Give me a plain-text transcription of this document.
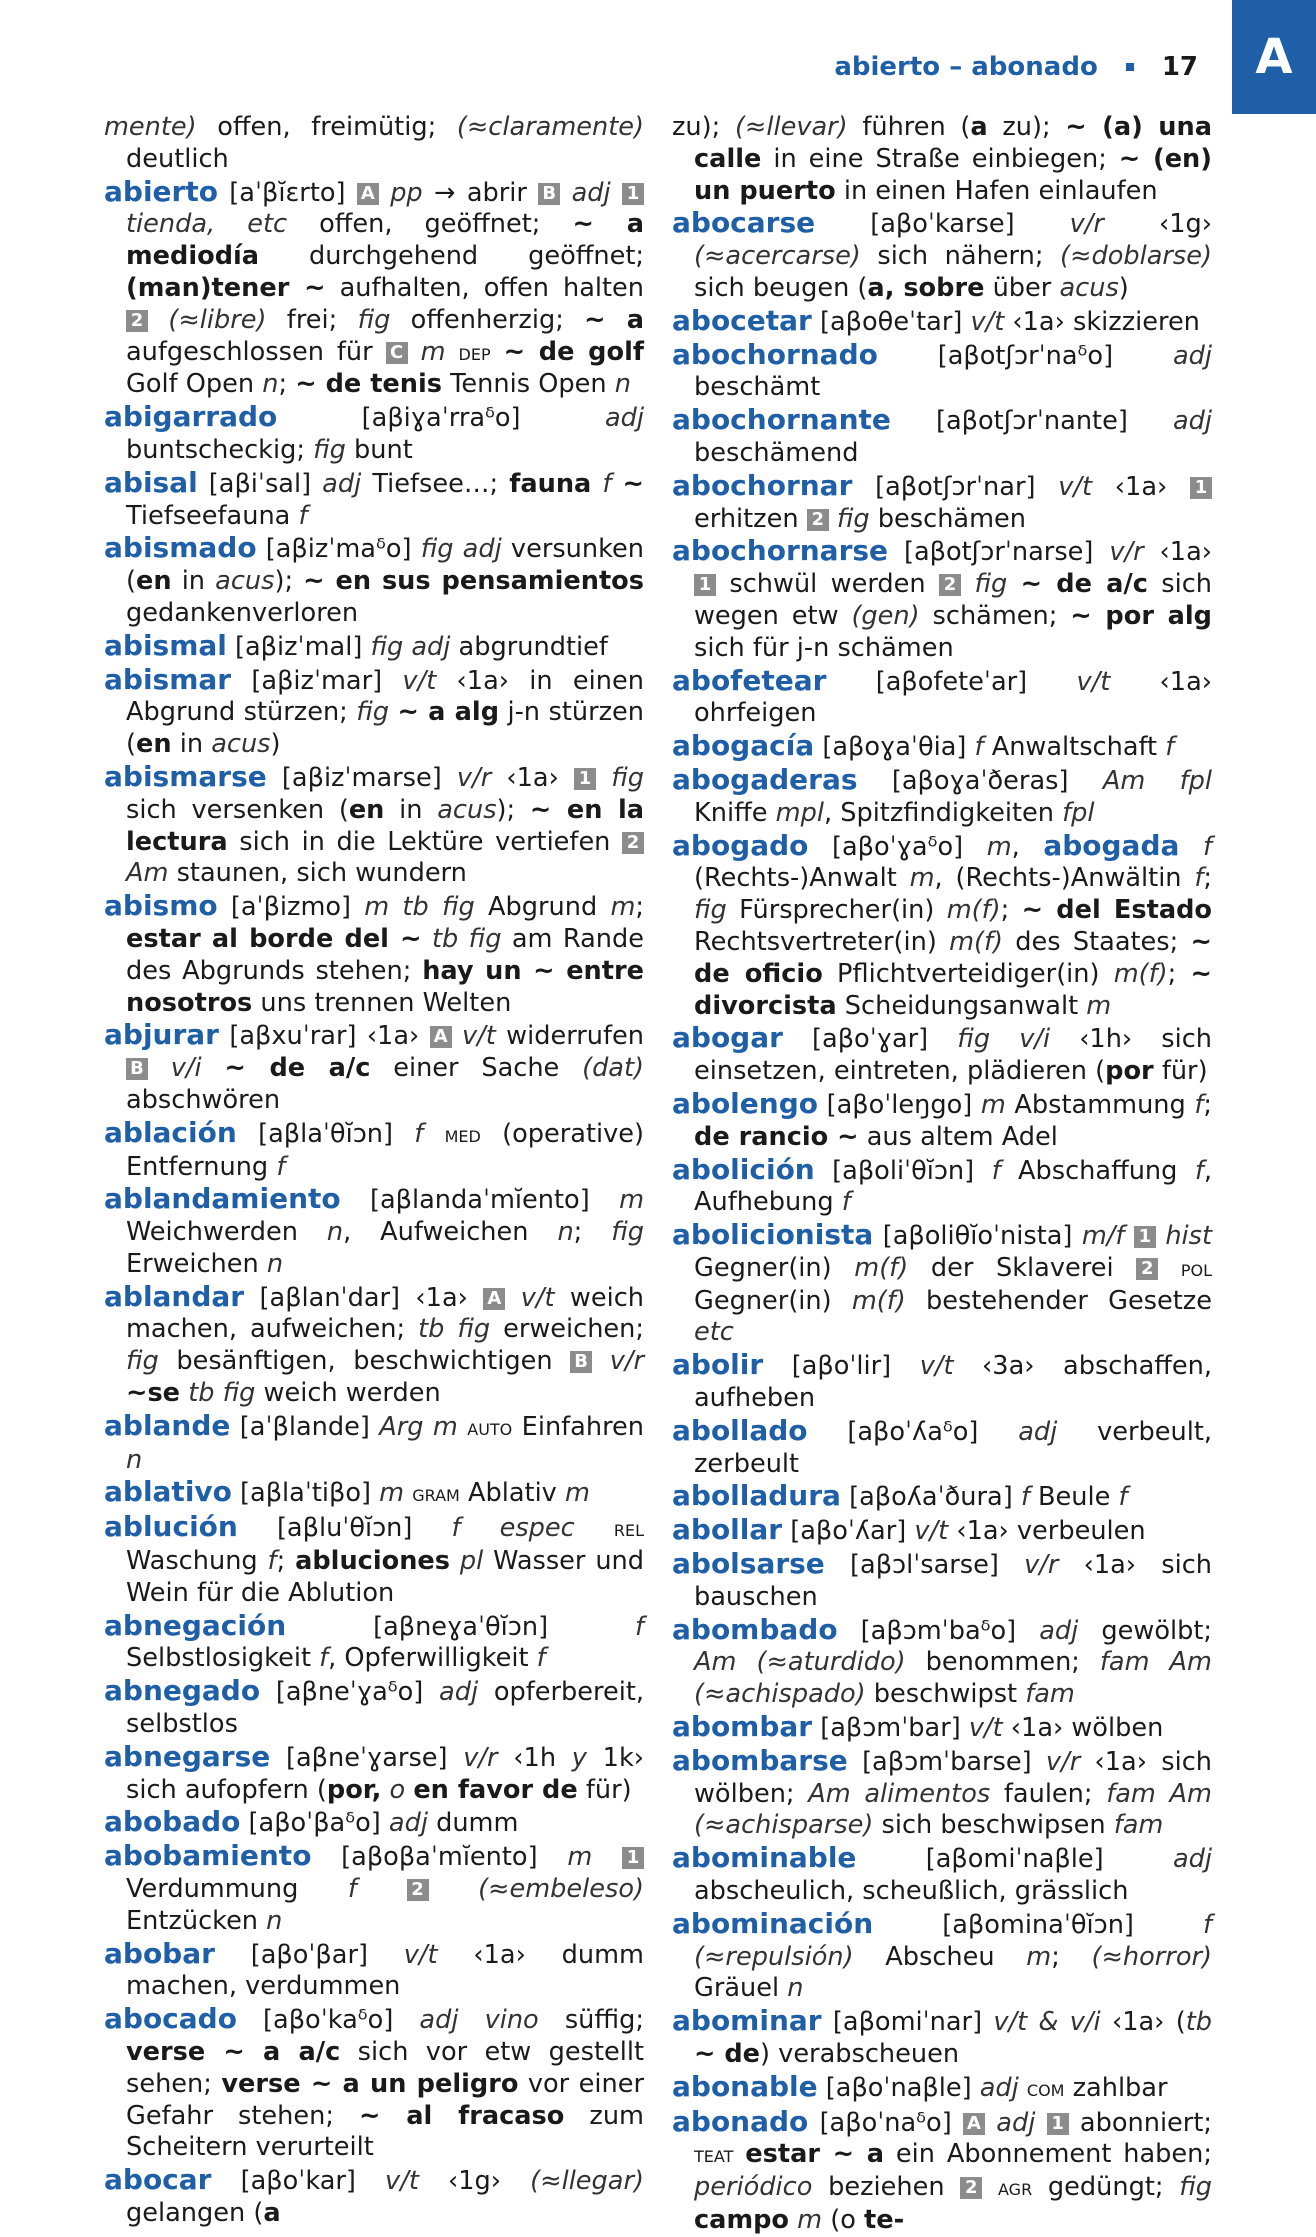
abierto – abonado 17	A
mente) offen, freimütig; (≈claramente) deutlich
abierto [aˈβĭɛrto] A pp → abrir B adj 1 tienda, etc offen, geöffnet; ~ a mediodía durchgehend geöffnet; (man)tener ~ aufhalten, offen halten 2 (≈libre) frei; fig offenherzig; ~ a aufgeschlossen für C m dep ~ de golf Golf Open n; ~ de tenis Tennis Open n
abigarrado [aβiɣaˈrraᵟo] adj buntscheckig; fig bunt
abisal [aβiˈsal] adj Tiefsee…; fauna f ~ Tiefseefauna f
abismado [aβizˈmaᵟo] fig adj versunken (en in acus); ~ en sus pensamientos gedankenverloren
abismal [aβizˈmal] fig adj abgrundtief
abismar [aβizˈmar] v/t ‹1a› in einen Abgrund stürzen; fig ~ a alg j-n stürzen (en in acus)
abismarse [aβizˈmarse] v/r ‹1a› 1 fig sich versenken (en in acus); ~ en la lectura sich in die Lektüre vertiefen 2 Am staunen, sich wundern
abismo [aˈβizmo] m tb fig Abgrund m; estar al borde del ~ tb fig am Rande des Abgrunds stehen; hay un ~ entre nosotros uns trennen Welten
abjurar [aβxuˈrar] ‹1a› A v/t widerrufen B v/i ~ de a/c einer Sache (dat) abschwören
ablación [aβlaˈθĭɔn] f med (operative) Entfernung f
ablandamiento [aβlandaˈmĭento] m Weichwerden n, Aufweichen n; fig Erweichen n
ablandar [aβlanˈdar] ‹1a› A v/t weich machen, aufweichen; tb fig erweichen; fig besänftigen, beschwichtigen B v/r ~se tb fig weich werden
ablande [aˈβlande] Arg m auto Einfahren n
ablativo [aβlaˈtiβo] m gram Ablativ m
ablución [aβluˈθĭɔn] f espec rel Waschung f; abluciones pl Wasser und Wein für die Ablution
abnegación [aβneɣaˈθĭɔn] f Selbstlosigkeit f, Opferwilligkeit f
abnegado [aβneˈɣaᵟo] adj opferbereit, selbstlos
abnegarse [aβneˈɣarse] v/r ‹1h y 1k› sich aufopfern (por, o en favor de für)
abobado [aβoˈβaᵟo] adj dumm
abobamiento [aβoβaˈmĭento] m 1 Verdummung f	2 (≈embeleso) Entzücken n
abobar [aβoˈβar] v/t ‹1a› dumm machen, verdummen
abocado [aβoˈkaᵟo] adj vino süffig; verse ~ a a/c sich vor etw gestellt sehen; verse ~ a un peligro vor einer Gefahr stehen; ~ al fracaso zum Scheitern verurteilt
abocar [aβoˈkar] v/t ‹1g› (≈llegar) gelangen (a
zu); (≈llevar) führen (a zu); ~ (a) una calle in eine Straße einbiegen; ~ (en) un puerto in einen Hafen einlaufen
abocarse [aβoˈkarse] v/r ‹1g› (≈acercarse) sich nähern; (≈doblarse) sich beugen (a, sobre über acus)
abocetar [aβoθeˈtar] v/t ‹1a› skizzieren
abochornado [aβotʃɔrˈnaᵟo] adj beschämt
abochornante [aβotʃɔrˈnante] adj beschämend
abochornar [aβotʃɔrˈnar] v/t ‹1a› 1 erhitzen 2 fig beschämen
abochornarse [aβotʃɔrˈnarse] v/r ‹1a› 1 schwül werden 2 fig ~ de a/c sich wegen etw (gen) schämen; ~ por alg sich für j-n schämen
abofetear [aβofeteˈar] v/t ‹1a› ohrfeigen
abogacía [aβoɣaˈθia] f Anwaltschaft f
abogaderas [aβoɣaˈðeras] Am fpl Kniffe mpl, Spitzfindigkeiten fpl
abogado [aβoˈɣaᵟo] m, abogada f (Rechts-)Anwalt m, (Rechts-)Anwältin f; fig Fürsprecher(in) m(f); ~ del Estado Rechtsvertreter(in) m(f) des Staates; ~ de oficio Pflichtverteidiger(in) m(f); ~ divorcista Scheidungsanwalt m
abogar [aβoˈɣar] fig v/i ‹1h› sich einsetzen, eintreten, plädieren (por für)
abolengo [aβoˈleŋgo] m Abstammung f; de rancio ~ aus altem Adel
abolición [aβoliˈθĭɔn] f Abschaffung f, Aufhebung f
abolicionista [aβoliθĭoˈnista] m/f 1 hist Gegner(in) m(f) der Sklaverei 2 pol Gegner(in) m(f) bestehender Gesetze etc
abolir [aβoˈlir] v/t ‹3a› abschaffen, aufheben
abollado [aβoˈʎaᵟo] adj verbeult, zerbeult
abolladura [aβoʎaˈðura] f Beule f
abollar [aβoˈʎar] v/t ‹1a› verbeulen
abolsarse [aβɔlˈsarse] v/r ‹1a› sich bauschen
abombado [aβɔmˈbaᵟo] adj gewölbt; Am (≈aturdido) benommen; fam Am (≈achispado) beschwipst fam
abombar [aβɔmˈbar] v/t ‹1a› wölben
abombarse [aβɔmˈbarse] v/r ‹1a› sich wölben; Am alimentos faulen; fam Am (≈achisparse) sich beschwipsen fam
abominable [aβomiˈnaβle] adj abscheulich, scheußlich, grässlich
abominación [aβominaˈθĭɔn] f (≈repulsión) Abscheu m; (≈horror) Gräuel n
abominar [aβomiˈnar] v/t & v/i ‹1a› (tb ~ de) verabscheuen
abonable [aβoˈnaβle] adj com zahlbar
abonado [aβoˈnaᵟo] A adj 1 abonniert; teat estar ~ a ein Abonnement haben; periódico beziehen 2 agr gedüngt; fig campo m (o te-
